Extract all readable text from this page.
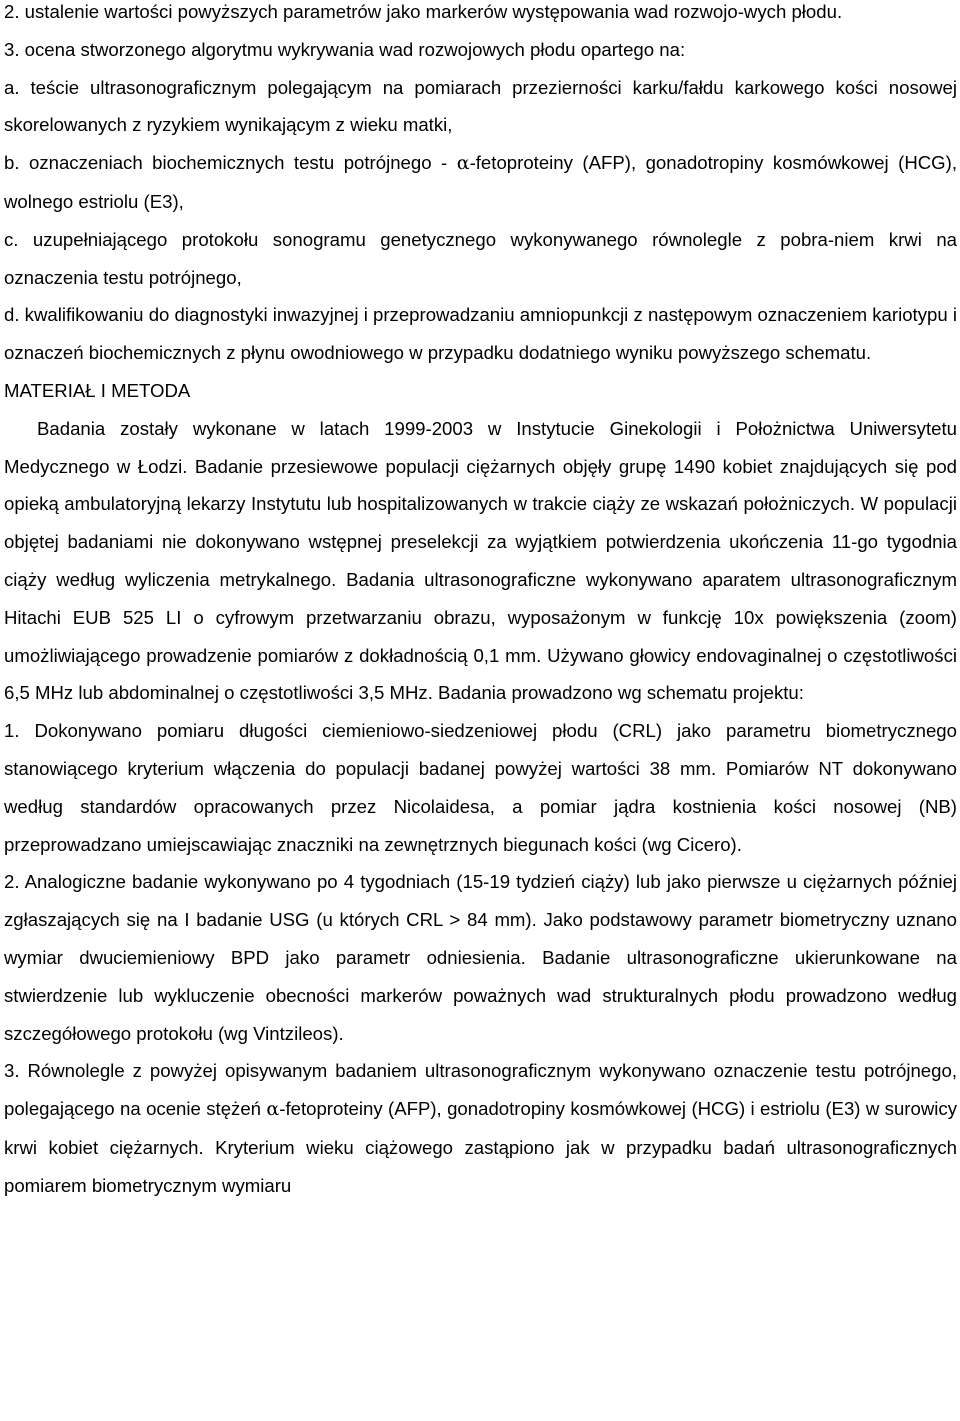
2. ustalenie wartości powyższych parametrów jako markerów występowania wad rozwojo-wych płodu.

3. ocena stworzonego algorytmu wykrywania wad rozwojowych płodu opartego na:

a. teście ultrasonograficznym polegającym na pomiarach przezierności karku/fałdu karkowego kości nosowej skorelowanych z ryzykiem wynikającym z wieku matki,

b. oznaczeniach biochemicznych testu potrójnego - α-fetoproteiny (AFP), gonadotropiny kosmówkowej (HCG), wolnego estriolu (E3),

c. uzupełniającego protokołu sonogramu genetycznego wykonywanego równolegle z pobra-niem krwi na oznaczenia testu potrójnego,

d. kwalifikowaniu do diagnostyki inwazyjnej i przeprowadzaniu amniopunkcji z następowym oznaczeniem kariotypu i oznaczeń biochemicznych z płynu owodniowego w przypadku dodatniego wyniku powyższego schematu.

MATERIAŁ I METODA

Badania zostały wykonane w latach 1999-2003 w Instytucie Ginekologii i Położnictwa Uniwersytetu Medycznego w Łodzi. Badanie przesiewowe populacji ciężarnych objęły grupę 1490 kobiet znajdujących się pod opieką ambulatoryjną lekarzy Instytutu lub hospitalizowanych w trakcie ciąży ze wskazań położniczych. W populacji objętej badaniami nie dokonywano wstępnej preselekcji za wyjątkiem potwierdzenia ukończenia 11-go tygodnia ciąży według wyliczenia metrykalnego. Badania ultrasonograficzne wykonywano aparatem ultrasonograficznym Hitachi EUB 525 LI o cyfrowym przetwarzaniu obrazu, wyposażonym w funkcję 10x powiększenia (zoom) umożliwiającego prowadzenie pomiarów z dokładnością 0,1 mm. Używano głowicy endovaginalnej o częstotliwości 6,5 MHz lub abdominalnej o częstotliwości 3,5 MHz. Badania prowadzono wg schematu projektu:

1. Dokonywano pomiaru długości ciemieniowo-siedzeniowej płodu (CRL) jako parametru biometrycznego stanowiącego kryterium włączenia do populacji badanej powyżej wartości 38 mm. Pomiarów NT dokonywano według standardów opracowanych przez Nicolaidesa, a pomiar jądra kostnienia kości nosowej (NB) przeprowadzano umiejscawiając znaczniki na zewnętrznych biegunach kości (wg Cicero).

2. Analogiczne badanie wykonywano po 4 tygodniach (15-19 tydzień ciąży) lub jako pierwsze u ciężarnych później zgłaszających się na I badanie USG (u których CRL > 84 mm). Jako podstawowy parametr biometryczny uznano wymiar dwuciemieniowy BPD jako parametr odniesienia. Badanie ultrasonograficzne ukierunkowane na stwierdzenie lub wykluczenie obecności markerów poważnych wad strukturalnych płodu prowadzono według szczegółowego protokołu (wg Vintzileos).

3. Równolegle z powyżej opisywanym badaniem ultrasonograficznym wykonywano oznaczenie testu potrójnego, polegającego na ocenie stężeń α-fetoproteiny (AFP), gonadotropiny kosmówkowej (HCG) i estriolu (E3) w surowicy krwi kobiet ciężarnych. Kryterium wieku ciążowego zastąpiono jak w przypadku badań ultrasonograficznych pomiarem biometrycznym wymiaru
